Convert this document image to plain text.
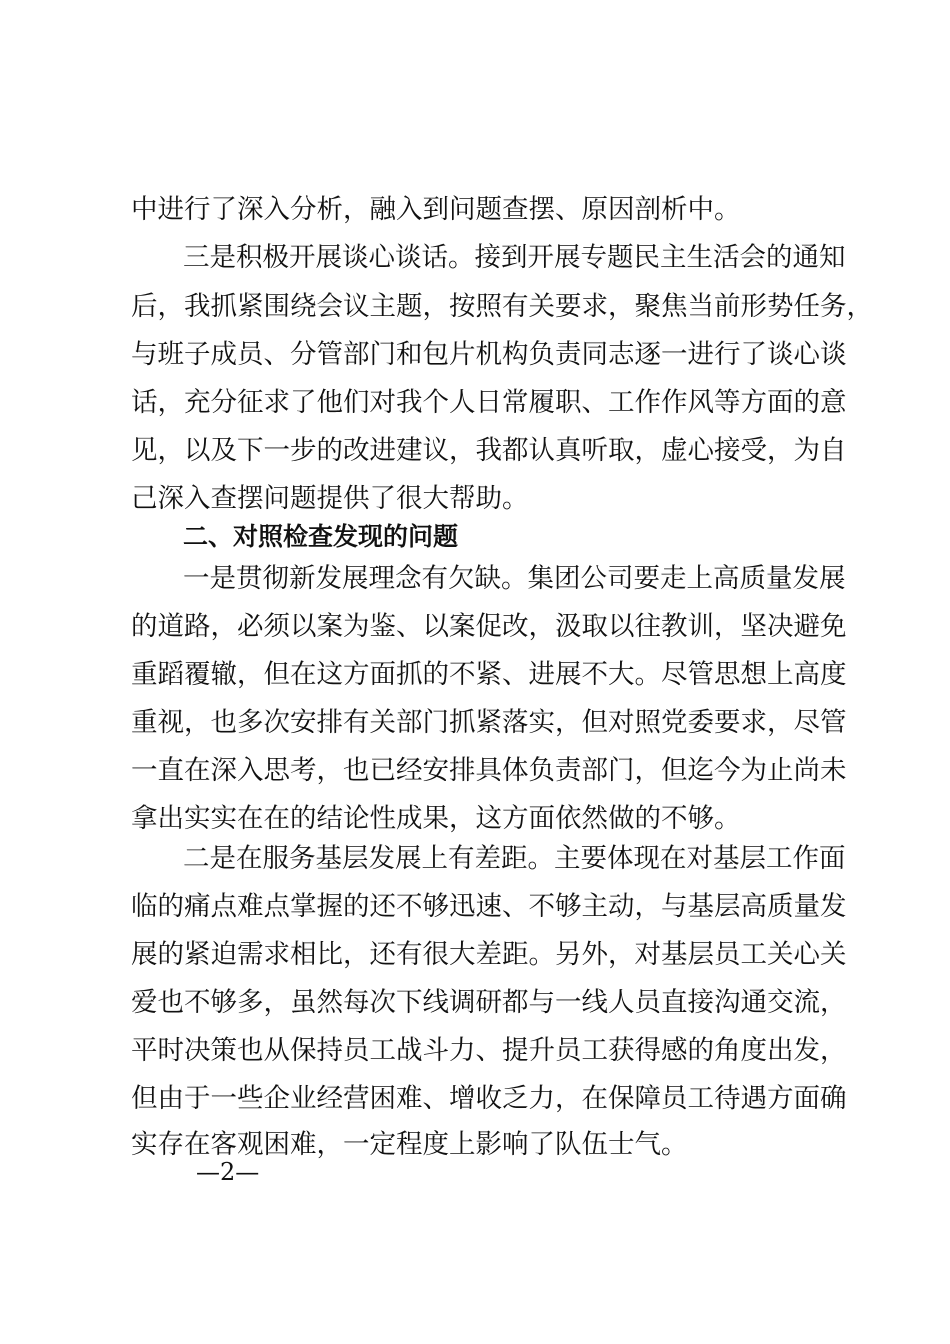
中进行了深入分析，融入到问题查摆、原因剖析中。
三是积极开展谈心谈话。接到开展专题民主生活会的通知
后，我抓紧围绕会议主题，按照有关要求，聚焦当前形势任务，
与班子成员、分管部门和包片机构负责同志逐一进行了谈心谈
话，充分征求了他们对我个人日常履职、工作作风等方面的意
见，以及下一步的改进建议，我都认真听取，虚心接受，为自
己深入查摆问题提供了很大帮助。
二、对照检查发现的问题
一是贯彻新发展理念有欠缺。集团公司要走上高质量发展
的道路，必须以案为鉴、以案促改，汲取以往教训，坚决避免
重蹈覆辙，但在这方面抓的不紧、进展不大。尽管思想上高度
重视，也多次安排有关部门抓紧落实，但对照党委要求，尽管
一直在深入思考，也已经安排具体负责部门，但迄今为止尚未
拿出实实在在的结论性成果，这方面依然做的不够。
二是在服务基层发展上有差距。主要体现在对基层工作面
临的痛点难点掌握的还不够迅速、不够主动，与基层高质量发
展的紧迫需求相比，还有很大差距。另外，对基层员工关心关
爱也不够多，虽然每次下线调研都与一线人员直接沟通交流，
平时决策也从保持员工战斗力、提升员工获得感的角度出发，
但由于一些企业经营困难、增收乏力，在保障员工待遇方面确
实存在客观困难，一定程度上影响了队伍士气。
—2—
